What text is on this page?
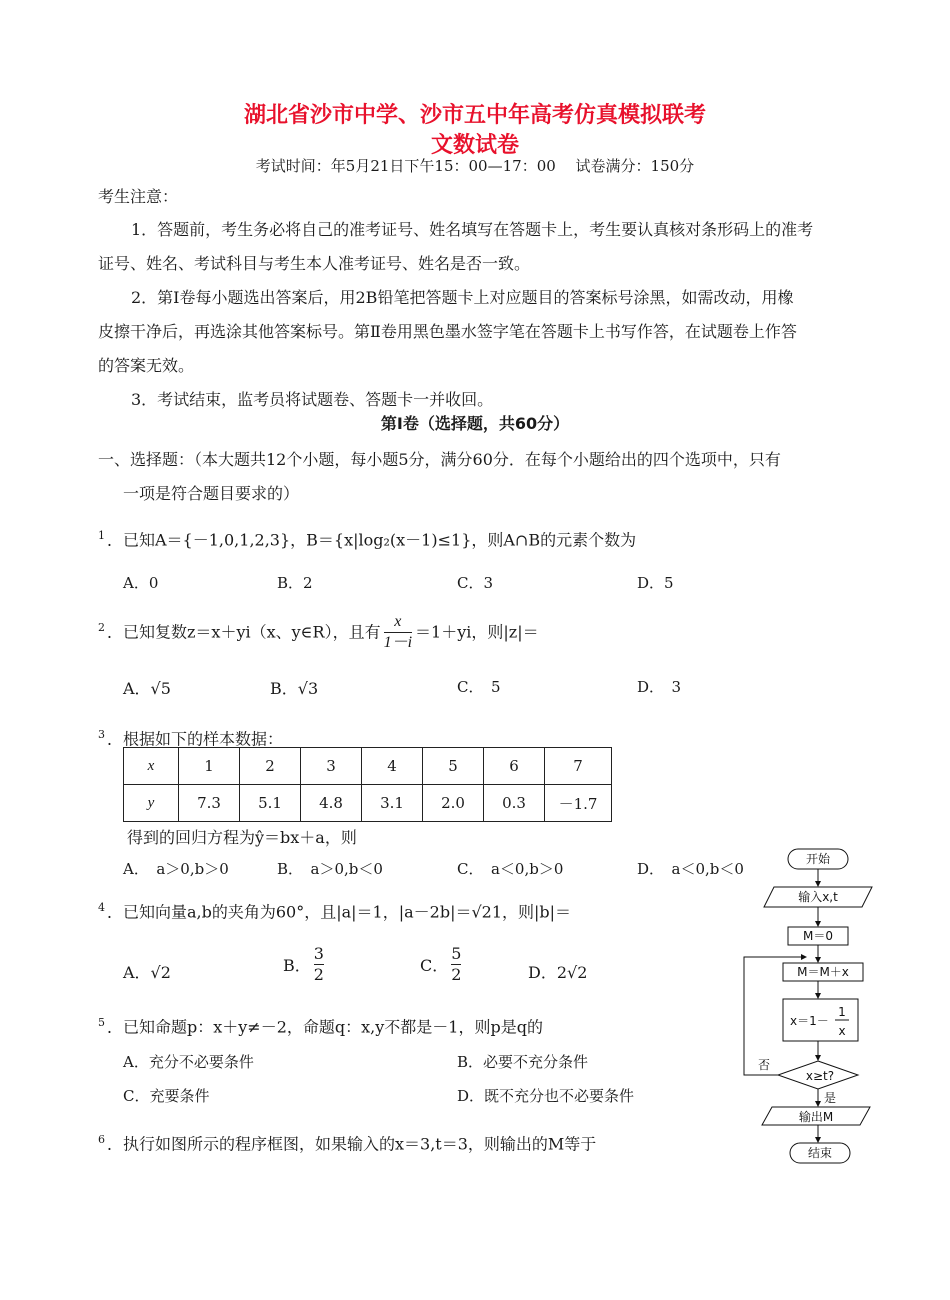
湖北省沙市中学、沙市五中年高考仿真模拟联考
文数试卷
考试时间：年5月21日下午15：00—17：00　 试卷满分：150分
考生注意：
1．答题前，考生务必将自己的准考证号、姓名填写在答题卡上，考生要认真核对条形码上的准考
证号、姓名、考试科目与考生本人准考证号、姓名是否一致。
2．第Ⅰ卷每小题选出答案后，用2B铅笔把答题卡上对应题目的答案标号涂黑，如需改动，用橡
皮擦干净后，再选涂其他答案标号。第Ⅱ卷用黑色墨水签字笔在答题卡上书写作答，在试题卷上作答
的答案无效。
3．考试结束，监考员将试题卷、答题卡一并收回。
第Ⅰ卷（选择题，共60分）
一、选择题：（本大题共12个小题，每小题5分，满分60分．在每个小题给出的四个选项中，只有
一项是符合题目要求的）
$^1$ ．已知A＝{－1,0,1,2,3}，B＝{x|log₂(x－1)≤1}，则A∩B的元素个数为
A．0	B．2	C．3	D．5
$^2$ ．已知复数z＝x＋yi（x、y∈R），且有 $\frac{x}{1-i} =1+yi$，则|z|＝
A．√5	B．√3	C．　5	D．　3
$^3$ ．根据如下的样本数据：
x	1	2	3	4	5	6	7
y	7.3	5.1	4.8	3.1	2.0	0.3	－1.7
得到的回归方程为ŷ＝bx＋a，则
A．　a＞0,b＞0	B．　a＞0,b＜0	C．　a＜0,b＞0	D．　a＜0,b＜0
$^4$ ．已知向量a,b的夹角为60°，且|a|＝1，|a－2b|＝√21，则|b|＝
A．√2	B． $\frac{3}{2}$	C． $\frac{5}{2}$	D．2√2
$^5$ ．已知命题p：x＋y≠－2，命题q：x,y不都是－1，则p是q的
A．充分不必要条件	B．必要不充分条件
C．充要条件	D．既不充分也不必要条件
$^6$ ．执行如图所示的程序框图，如果输入的x＝3,t＝3，则输出的M等于
开始
输入x,t
M＝0
M＝M＋x
x＝1－
1
x
x≥t?
否
是
输出M
结束
